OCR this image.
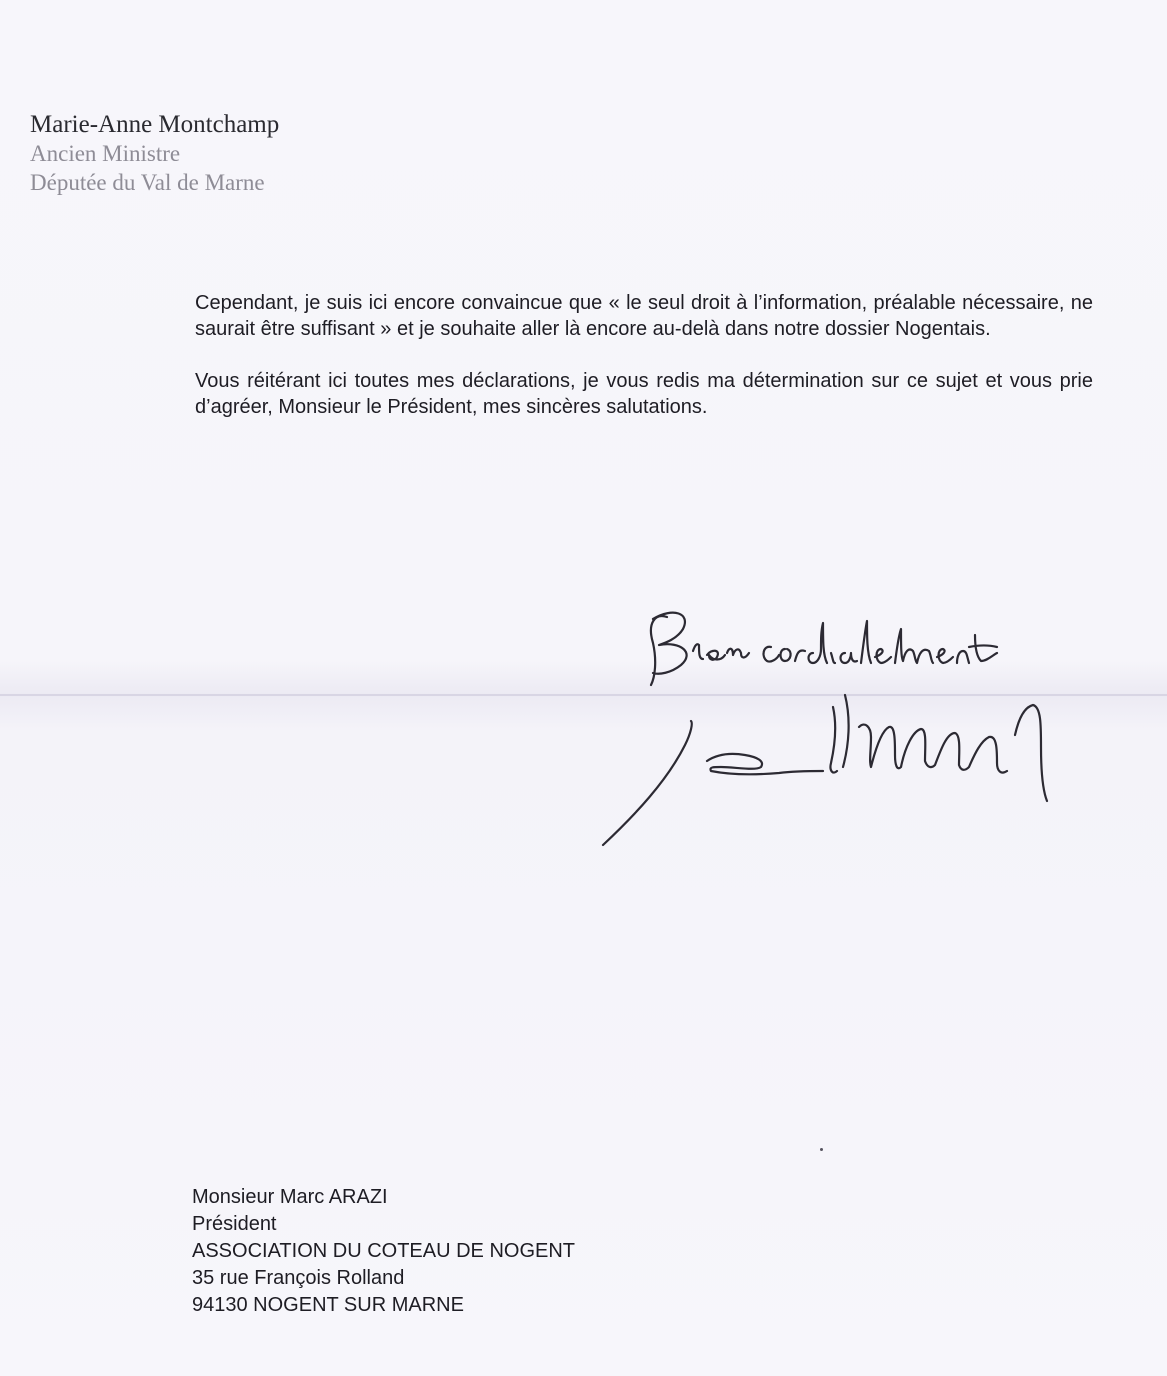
Marie-Anne Montchamp
Ancien Ministre
Députée du Val de Marne

Cependant, je suis ici encore convaincue que « le seul droit à l’information, préalable nécessaire, ne saurait être suffisant » et je souhaite aller là encore au-delà dans notre dossier Nogentais.

Vous réitérant ici toutes mes déclarations, je vous redis ma détermination sur ce sujet et vous prie d’agréer, Monsieur le Président, mes sincères salutations.

Monsieur Marc ARAZI
Président
ASSOCIATION DU COTEAU DE NOGENT
35 rue François Rolland
94130 NOGENT SUR MARNE
